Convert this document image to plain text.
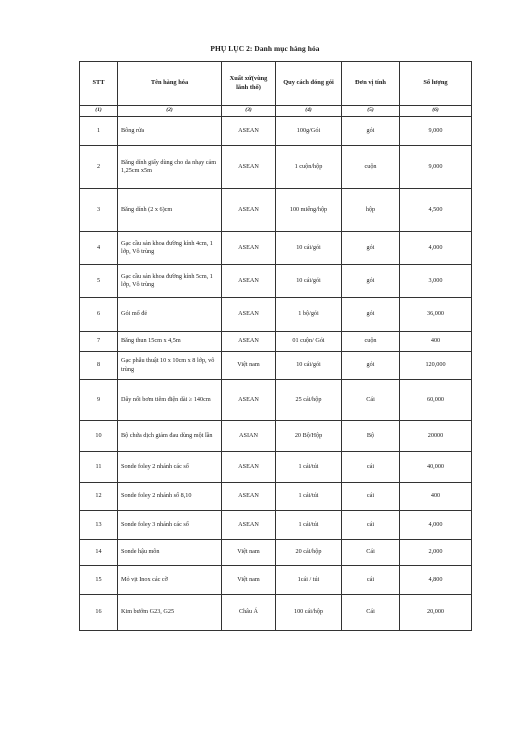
PHỤ LỤC 2: Danh mục hàng hóa
STT	Tên hàng hóa	Xuất xứ(vùng lãnh thổ)	Quy cách đóng gói	Đơn vị tính	Số lượng
(1)	(2)	(3)	(4)	(5)	(6)
1	Bông rửa	ASEAN	100g/Gói	gói	9,000
2	Băng dính giấy dùng cho da nhạy cảm 1,25cm x5m	ASEAN	1 cuộn/hộp	cuộn	9,000
3	Băng dính (2 x 6)cm	ASEAN	100 miếng/hộp	hộp	4,500
4	Gạc cầu sản khoa đường kính 4cm, 1 lớp, Vô trùng	ASEAN	10 cái/gói	gói	4,000
5	Gạc cầu sản khoa đường kính 5cm, 1 lớp, Vô trùng	ASEAN	10 cái/gói	gói	3,000
6	Gói mổ đẻ	ASEAN	1 bộ/gói	gói	36,000
7	Băng thun 15cm x 4,5m	ASEAN	01 cuộn/ Gói	cuộn	400
8	Gạc phẫu thuật 10 x 10cm x 8 lớp, vô trùng	Việt nam	10 cái/gói	gói	120,000
9	Dây nối bơm tiêm điện dài ≥ 140cm	ASEAN	25 cái/hộp	Cái	60,000
10	Bộ chứa dịch giảm đau dùng một lần	ASIAN	20 Bộ/Hộp	Bộ	20000
11	Sonde foley 2 nhánh các số	ASEAN	1 cái/túi	cái	40,000
12	Sonde foley 2 nhánh số 8,10	ASEAN	1 cái/túi	cái	400
13	Sonde foley 3 nhánh các số	ASEAN	1 cái/túi	cái	4,000
14	Sonde hậu môn	Việt nam	20 cái/hộp	Cái	2,000
15	Mỏ vịt Inox các cỡ	Việt nam	1cái / túi	cái	4,800
16	Kim bướm G23, G25	Châu Á	100 cái/hộp	Cái	20,000
